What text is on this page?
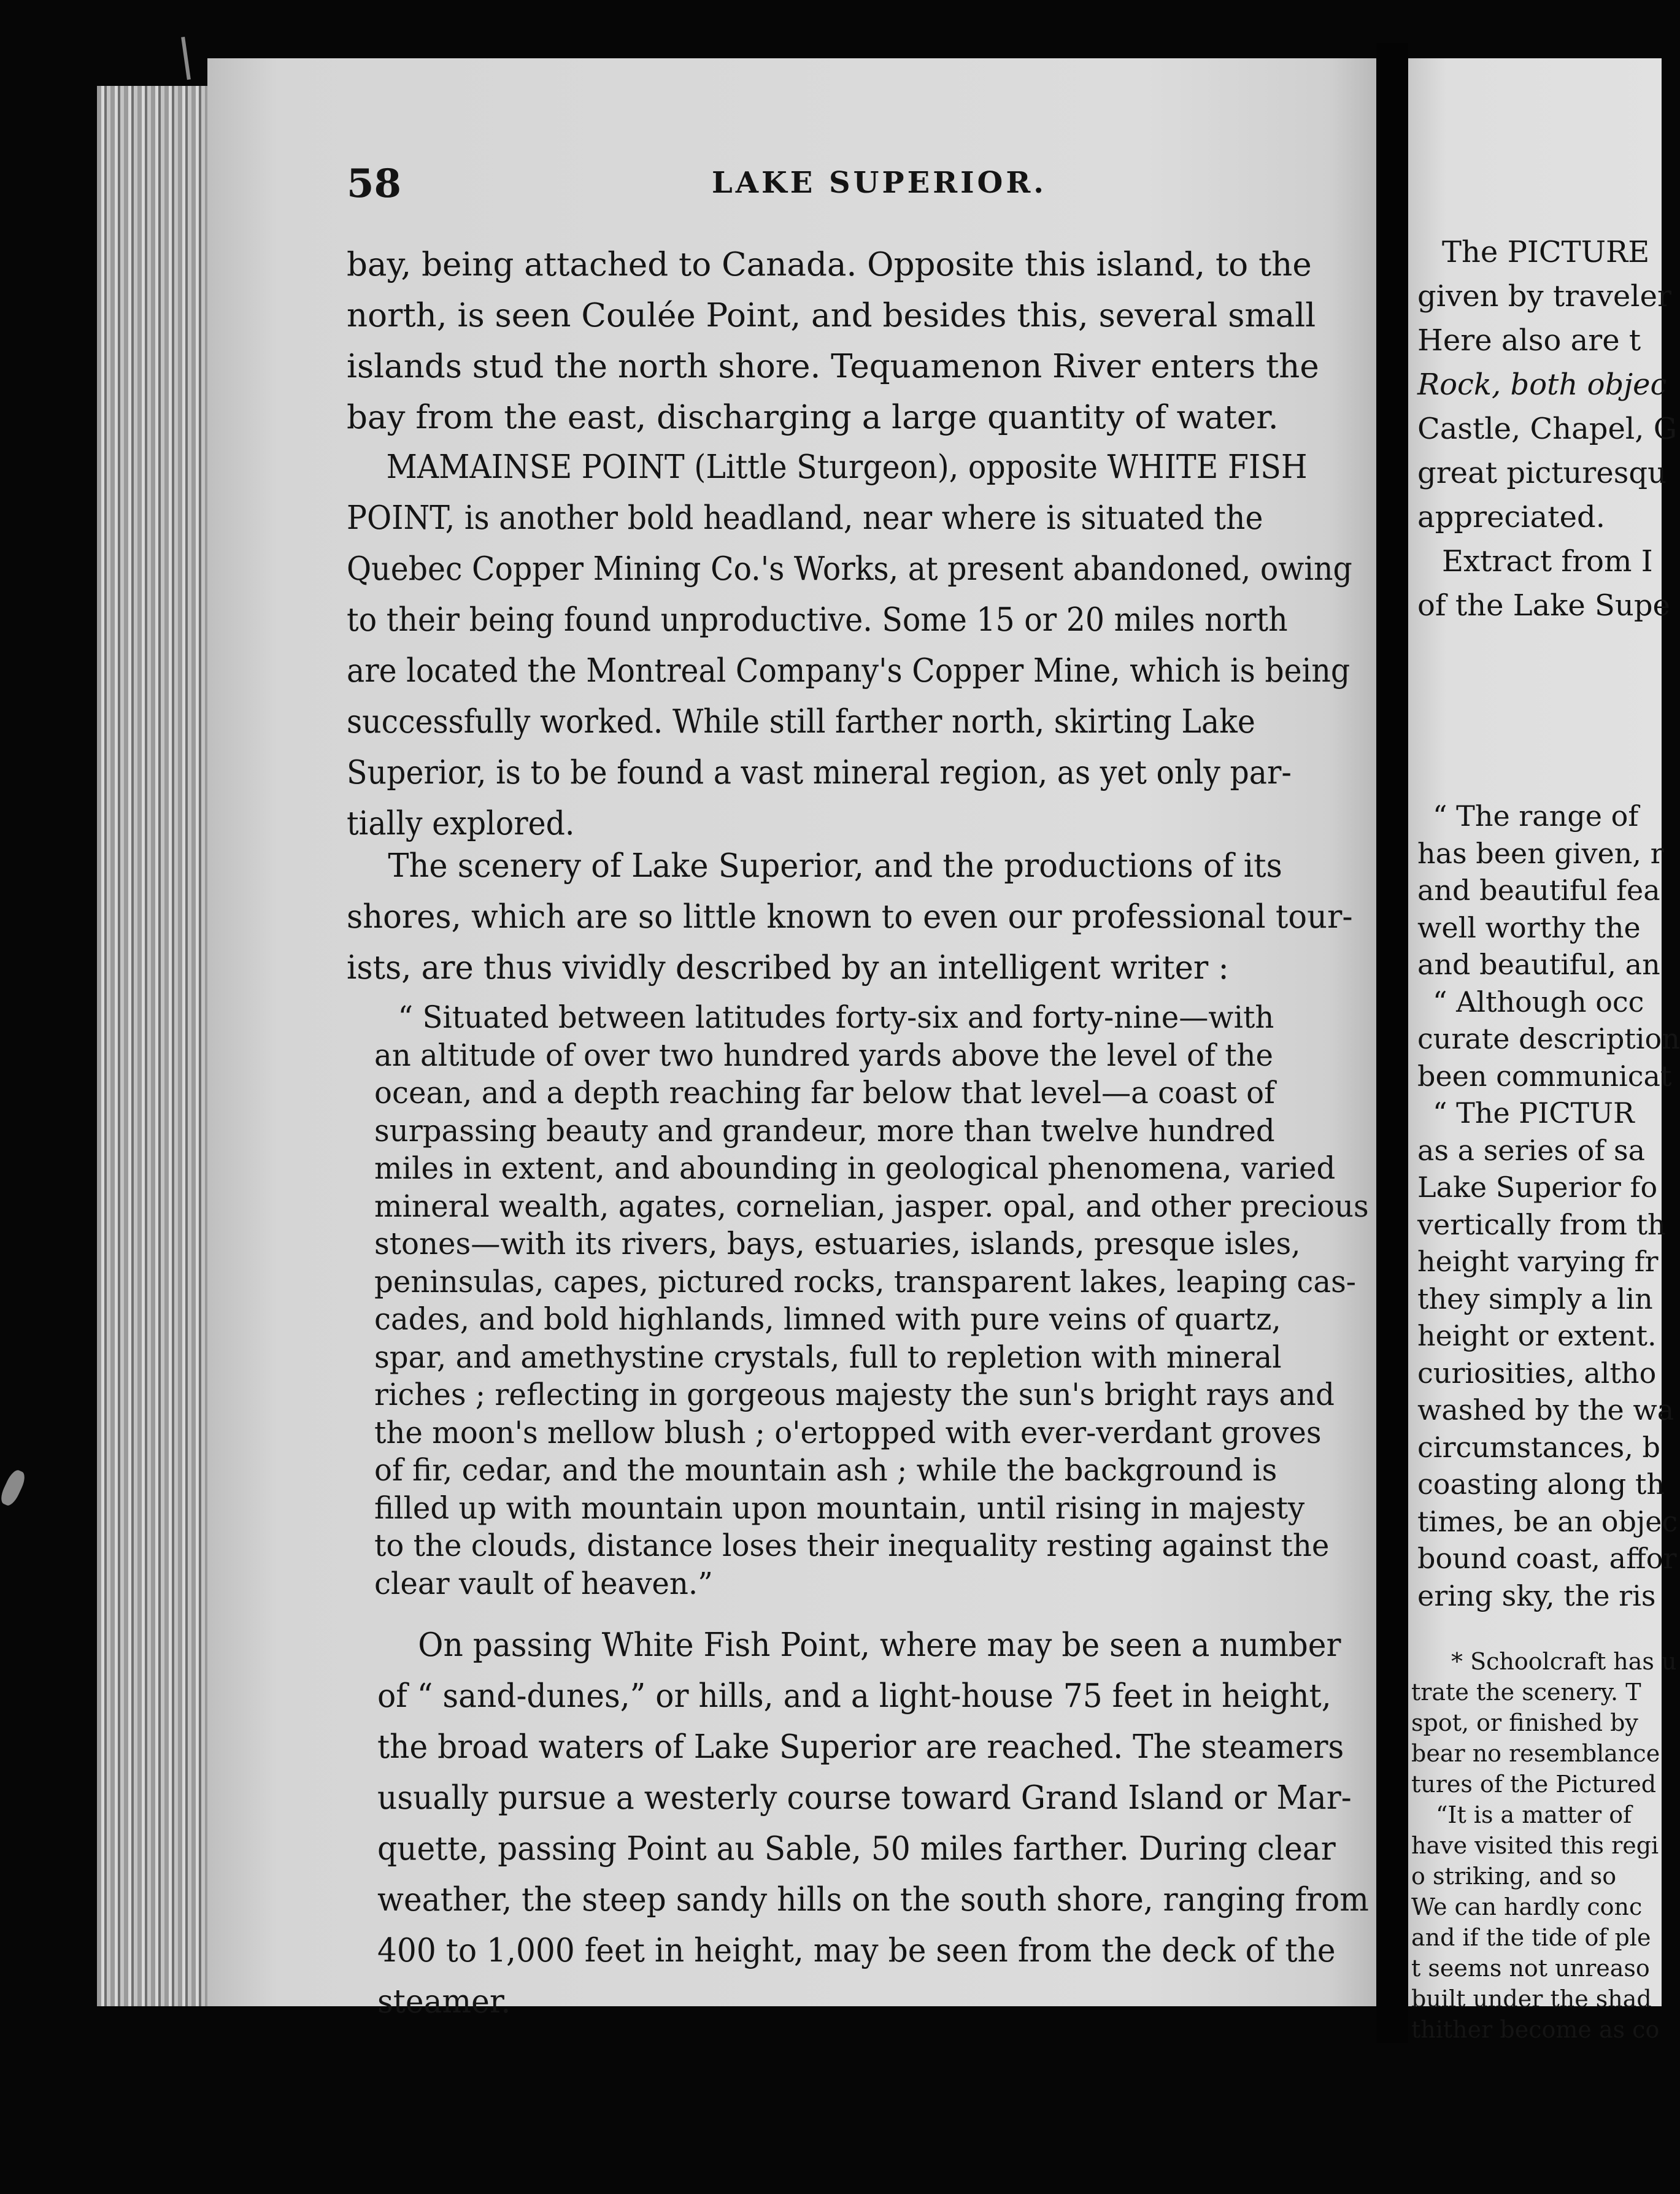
The PICTURE
given by traveler
Here also are t
Rock, both objec
Castle, Chapel, G
great picturesqu
appreciated.
Extract from I
of the Lake Supe
“ The range of
has been given, r
and beautiful fea
well worthy the
and beautiful, an
“ Although occ
curate description
been communicat
“ The PICTUR
as a series of sa
Lake Superior fo
vertically from th
height varying fr
they simply a lin
height or extent.
curiosities, altho
washed by the wa
circumstances, b
coasting along th
times, be an objec
bound coast, affor
ering sky, the ris
* Schoolcraft has u
trate the scenery. T
spot, or finished by
bear no resemblance
tures of the Pictured
“It is a matter of
have visited this regi
o striking, and so
We can hardly conc
and if the tide of ple
t seems not unreaso
built under the shad
thither become as co
58	LAKE SUPERIOR.
bay, being attached to Canada. Opposite this island, to the
north, is seen Coulée Point, and besides this, several small
islands stud the north shore. Tequamenon River enters the
bay from the east, discharging a large quantity of water.
MAMAINSE POINT (Little Sturgeon), opposite WHITE FISH
POINT, is another bold headland, near where is situated the
Quebec Copper Mining Co.'s Works, at present abandoned, owing
to their being found unproductive. Some 15 or 20 miles north
are located the Montreal Company's Copper Mine, which is being
successfully worked. While still farther north, skirting Lake
Superior, is to be found a vast mineral region, as yet only par-
tially explored.
The scenery of Lake Superior, and the productions of its
shores, which are so little known to even our professional tour-
ists, are thus vividly described by an intelligent writer :
“ Situated between latitudes forty-six and forty-nine—with
an altitude of over two hundred yards above the level of the
ocean, and a depth reaching far below that level—a coast of
surpassing beauty and grandeur, more than twelve hundred
miles in extent, and abounding in geological phenomena, varied
mineral wealth, agates, cornelian, jasper. opal, and other precious
stones—with its rivers, bays, estuaries, islands, presque isles,
peninsulas, capes, pictured rocks, transparent lakes, leaping cas-
cades, and bold highlands, limned with pure veins of quartz,
spar, and amethystine crystals, full to repletion with mineral
riches ; reflecting in gorgeous majesty the sun's bright rays and
the moon's mellow blush ; o'ertopped with ever-verdant groves
of fir, cedar, and the mountain ash ; while the background is
filled up with mountain upon mountain, until rising in majesty
to the clouds, distance loses their inequality resting against the
clear vault of heaven.”
On passing White Fish Point, where may be seen a number
of “ sand-dunes,” or hills, and a light-house 75 feet in height,
the broad waters of Lake Superior are reached. The steamers
usually pursue a westerly course toward Grand Island or Mar-
quette, passing Point au Sable, 50 miles farther. During clear
weather, the steep sandy hills on the south shore, ranging from
400 to 1,000 feet in height, may be seen from the deck of the
steamer.
